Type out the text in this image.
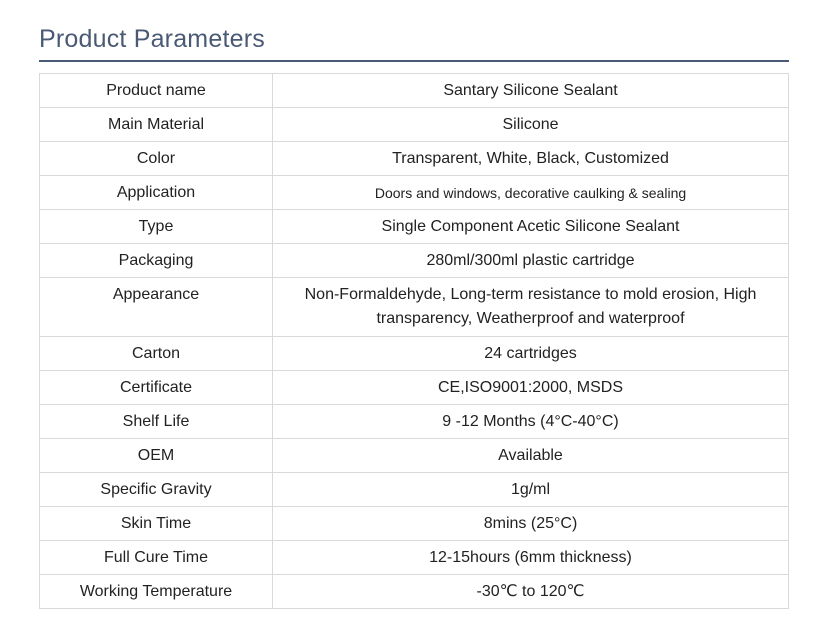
Product Parameters
Product name	Santary Silicone Sealant
Main Material	Silicone
Color	Transparent, White, Black, Customized
Application	Doors and windows, decorative caulking & sealing
Type	Single Component Acetic Silicone Sealant
Packaging	280ml/300ml plastic cartridge
Appearance	Non-Formaldehyde, Long-term resistance to mold erosion, High transparency, Weatherproof and waterproof
Carton	24 cartridges
Certificate	CE,ISO9001:2000, MSDS
Shelf Life	9 -12 Months (4°C-40°C)
OEM	Available
Specific Gravity	1g/ml
Skin Time	8mins (25°C)
Full Cure Time	12-15hours (6mm thickness)
Working Temperature	-30℃ to 120℃
